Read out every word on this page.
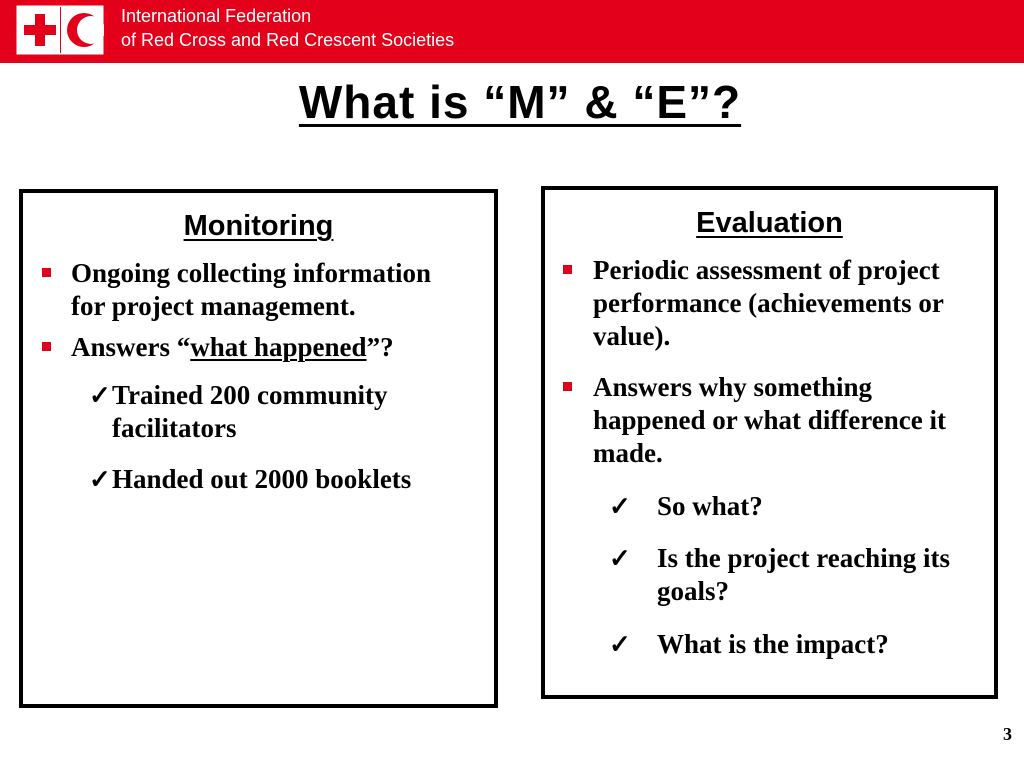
International Federation
of Red Cross and Red Crescent Societies
What is “M” & “E”?
Monitoring
Ongoing collecting information for project management.
Answers “what happened”?
✓ Trained 200 community facilitators
✓ Handed out 2000 booklets
Evaluation
Periodic assessment of project performance (achievements or value).
Answers why something happened or what difference it made.
✓ So what?
✓ Is the project reaching its goals?
✓ What is the impact?
3
